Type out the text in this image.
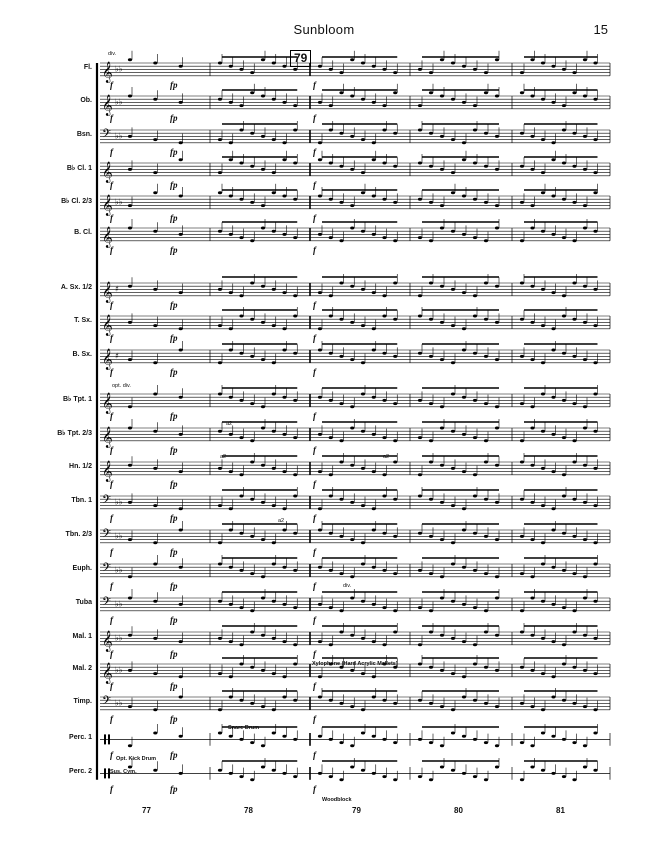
Sunbloom	15
𝄞 ♭♭
𝄞 ♭♭
𝄢 ♭♭
𝄞
𝄞 ♭♭
𝄞
𝄞 ♯
𝄞
𝄞 ♯
𝄞
𝄞
𝄞
𝄢 ♭♭
𝄢 ♭♭
𝄢 ♭♭
𝄢 ♭♭
𝄞 ♭♭
𝄞 ♭♭
𝄢 ♭♭
Fl.
Ob.
Bsn.
B♭ Cl. 1
B♭ Cl. 2/3
B. Cl.
A. Sx. 1/2
T. Sx.
B. Sx.
B♭ Tpt. 1
B♭ Tpt. 2/3
Hn. 1/2
Tbn. 1
Tbn. 2/3
Euph.
Tuba
Mal. 1
Mal. 2
Timp.
Perc. 1
Perc. 2
79
div.
opt. div.
a2
a2	a2
a2
div.
Xylophone (Hard Acrylic Mallets)
Snare Drum
Opt. Kick Drum
Sus. Cym.
Woodblock
f	fp	f
f	fp	f
f	fp	f
f	fp	f
f	fp	f
f	fp	f
f	fp	f
f	fp	f
f	fp	f
f	fp	f
f	fp	f
f	fp	f
f	fp	f
f	fp	f
f	fp	f
f	fp	f
f	fp	f
f	fp	f
f	fp	f
f	fp	f
f	fp	f
77	78	79	80	81
